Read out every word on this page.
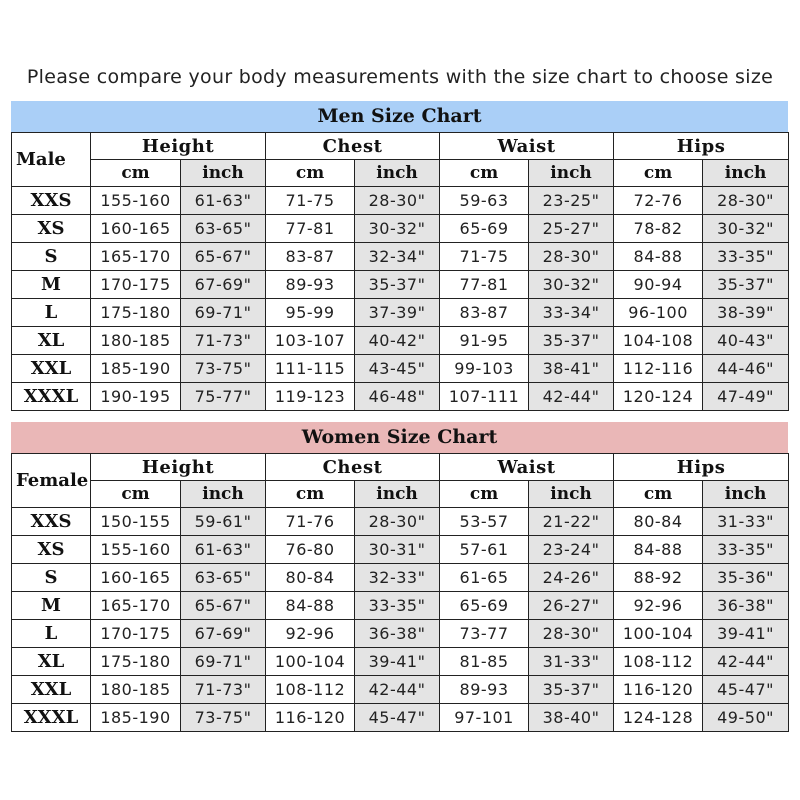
Please compare your body measurements with the size chart to choose size
Men Size Chart
Male	Height		Chest		Waist		Hips	
	cm	inch	cm	inch	cm	inch	cm	inch
XXS	155-160	61-63"	71-75	28-30"	59-63	23-25"	72-76	28-30"
XS	160-165	63-65"	77-81	30-32"	65-69	25-27"	78-82	30-32"
S	165-170	65-67"	83-87	32-34"	71-75	28-30"	84-88	33-35"
M	170-175	67-69"	89-93	35-37"	77-81	30-32"	90-94	35-37"
L	175-180	69-71"	95-99	37-39"	83-87	33-34"	96-100	38-39"
XL	180-185	71-73"	103-107	40-42"	91-95	35-37"	104-108	40-43"
XXL	185-190	73-75"	111-115	43-45"	99-103	38-41"	112-116	44-46"
XXXL	190-195	75-77"	119-123	46-48"	107-111	42-44"	120-124	47-49"
Women Size Chart
Female	Height		Chest		Waist		Hips	
	cm	inch	cm	inch	cm	inch	cm	inch
XXS	150-155	59-61"	71-76	28-30"	53-57	21-22"	80-84	31-33"
XS	155-160	61-63"	76-80	30-31"	57-61	23-24"	84-88	33-35"
S	160-165	63-65"	80-84	32-33"	61-65	24-26"	88-92	35-36"
M	165-170	65-67"	84-88	33-35"	65-69	26-27"	92-96	36-38"
L	170-175	67-69"	92-96	36-38"	73-77	28-30"	100-104	39-41"
XL	175-180	69-71"	100-104	39-41"	81-85	31-33"	108-112	42-44"
XXL	180-185	71-73"	108-112	42-44"	89-93	35-37"	116-120	45-47"
XXXL	185-190	73-75"	116-120	45-47"	97-101	38-40"	124-128	49-50"
